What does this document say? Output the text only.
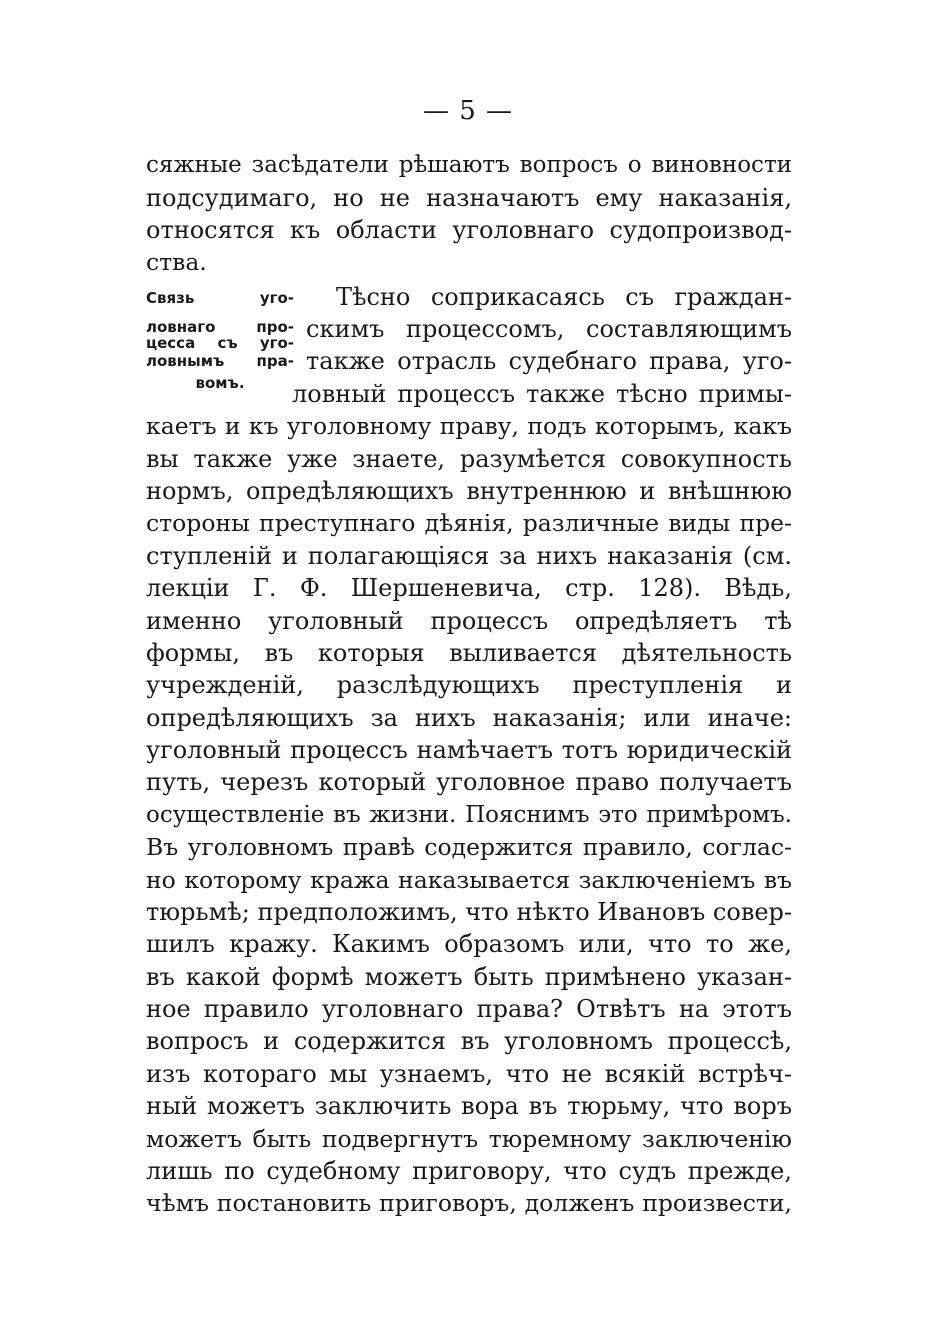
— 5 —
сяжные засѣдатели рѣшаютъ вопросъ о виновности
подсудимаго, но не назначаютъ ему наказанія,
относятся къ области уголовнаго судопроизвод-
ства.
Связь уго-
ловнаго про-
цесса съ уго-
ловнымъ пра-
вомъ.
Тѣсно соприкасаясь съ граждан-
скимъ процессомъ, составляющимъ
также отрасль судебнаго права, уго-
ловный процессъ также тѣсно примы-
каетъ и къ уголовному праву, подъ которымъ, какъ
вы также уже знаете, разумѣется совокупность
нормъ, опредѣляющихъ внутреннюю и внѣшнюю
стороны преступнаго дѣянія, различные виды пре-
ступленій и полагающіяся за нихъ наказанія (см.
лекціи Г. Ф. Шершеневича, стр. 128). Вѣдь,
именно уголовный процессъ опредѣляетъ тѣ
формы, въ которыя выливается дѣятельность
учрежденій, разслѣдующихъ преступленія и
опредѣляющихъ за нихъ наказанія; или иначе:
уголовный процессъ намѣчаетъ тотъ юридическій
путь, черезъ который уголовное право получаетъ
осуществленіе въ жизни. Пояснимъ это примѣромъ.
Въ уголовномъ правѣ содержится правило, соглас-
но которому кража наказывается заключеніемъ въ
тюрьмѣ; предположимъ, что нѣкто Ивановъ совер-
шилъ кражу. Какимъ образомъ или, что то же,
въ какой формѣ можетъ быть примѣнено указан-
ное правило уголовнаго права? Отвѣтъ на этотъ
вопросъ и содержится въ уголовномъ процессѣ,
изъ котораго мы узнаемъ, что не всякій встрѣч-
ный можетъ заключить вора въ тюрьму, что воръ
можетъ быть подвергнутъ тюремному заключенію
лишь по судебному приговору, что судъ прежде,
чѣмъ постановить приговоръ, долженъ произвести,
